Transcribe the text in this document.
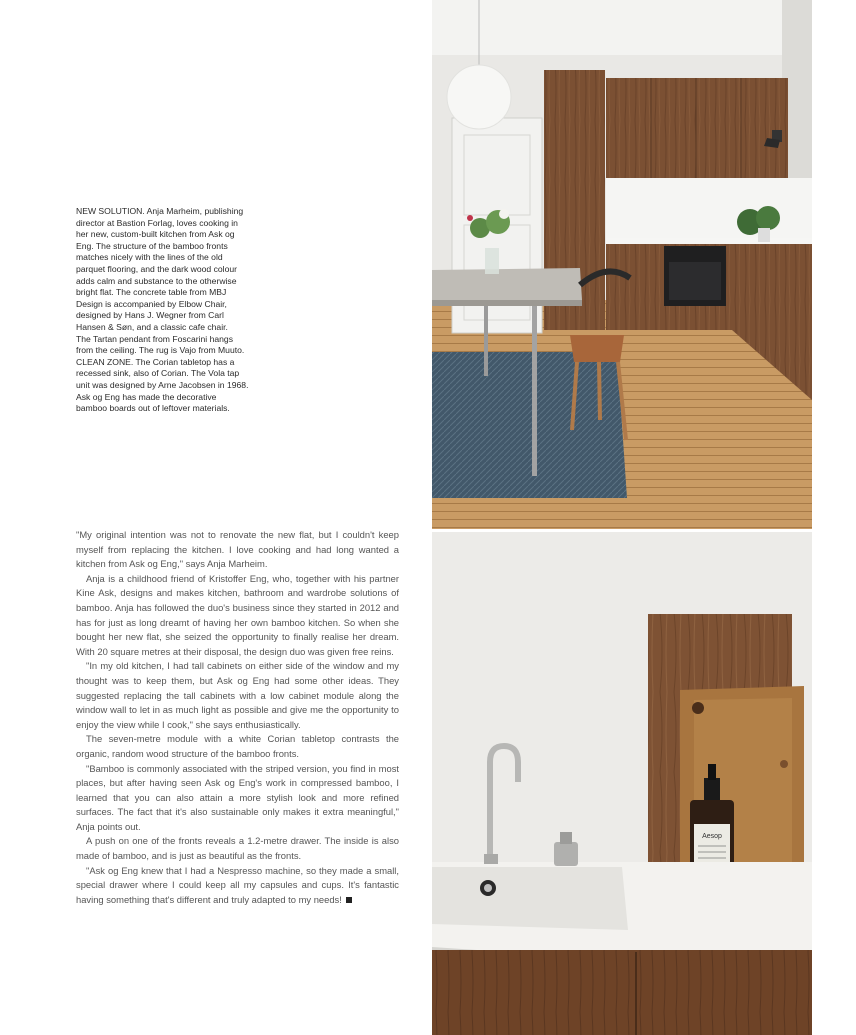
NEW SOLUTION. Anja Marheim, publishing
director at Bastion Forlag, loves cooking in
her new, custom-built kitchen from Ask og
Eng. The structure of the bamboo fronts
matches nicely with the lines of the old
parquet flooring, and the dark wood colour
adds calm and substance to the otherwise
bright flat. The concrete table from MBJ
Design is accompanied by Elbow Chair,
designed by Hans J. Wegner from Carl
Hansen & Søn, and a classic cafe chair.
The Tartan pendant from Foscarini hangs
from the ceiling. The rug is Vajo from Muuto.
CLEAN ZONE. The Corian tabletop has a
recessed sink, also of Corian. The Vola tap
unit was designed by Arne Jacobsen in 1968.
Ask og Eng has made the decorative
bamboo boards out of leftover materials.

"My original intention was not to renovate the new flat, but I couldn't keep myself from replacing the kitchen. I love cooking and had long wanted a kitchen from Ask og Eng," says Anja Marheim.

Anja is a childhood friend of Kristoffer Eng, who, together with his partner Kine Ask, designs and makes kitchen, bathroom and wardrobe solutions of bamboo. Anja has followed the duo's business since they started in 2012 and has for just as long dreamt of having her own bamboo kitchen. So when she bought her new flat, she seized the opportunity to finally realise her dream. With 20 square metres at their disposal, the design duo was given free reins.

"In my old kitchen, I had tall cabinets on either side of the window and my thought was to keep them, but Ask og Eng had some other ideas. They suggested replacing the tall cabinets with a low cabinet module along the window wall to let in as much light as possible and give me the opportunity to enjoy the view while I cook," she says enthusiastically.

The seven-metre module with a white Corian tabletop contrasts the organic, random wood structure of the bamboo fronts.

"Bamboo is commonly associated with the striped version, you find in most places, but after having seen Ask og Eng's work in compressed bamboo, I learned that you can also attain a more stylish look and more refined surfaces. The fact that it's also sustainable only makes it extra meaningful," Anja points out.

A push on one of the fronts reveals a 1.2-metre drawer. The inside is also made of bamboo, and is just as beautiful as the fronts.

"Ask og Eng knew that I had a Nespresso machine, so they made a small, special drawer where I could keep all my capsules and cups. It's fantastic having something that's different and truly adapted to my needs!

Aesop
